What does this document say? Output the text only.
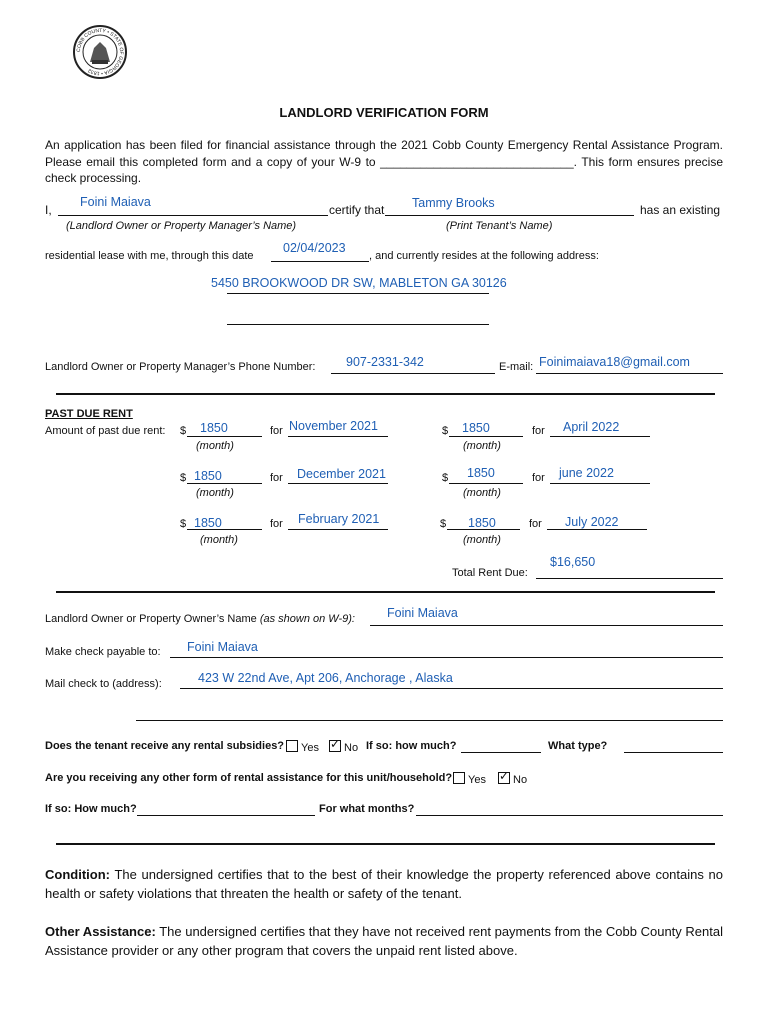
COBB COUNTY • STATE OF GEORGIA • 1832
LANDLORD VERIFICATION FORM
An application has been filed for financial assistance through the 2021 Cobb County Emergency Rental Assistance Program. Please email this completed form and a copy of your W-9 to _____________________________. This form ensures precise check processing.
I,
Foini Maiava
certify that Tammy Brooks	has an existing
(Landlord Owner or Property Manager’s Name)	(Print Tenant’s Name)
residential lease with me, through this date
02/04/2023
, and currently resides at the following address:
5450 BROOKWOOD DR SW, MABLETON GA 30126
Landlord Owner or Property Manager’s Phone Number: 907-2331-342	E-mail: Foinimaiava18@gmail.com
PAST DUE RENT
Amount of past due rent: $ 1850	for November 2021
(month)
$ 1850	for April 2022
(month)
$ 1850	for December 2021
(month)
$ 1850	for june 2022
(month)
$ 1850	for February 2021
(month)
$ 1850	for July 2022
(month)
Total Rent Due:
$16,650
Landlord Owner or Property Owner’s Name (as shown on W-9):	Foini Maiava
Make check payable to: Foini Maiava
Mail check to (address):	423 W 22nd Ave, Apt 206, Anchorage , Alaska
Does the tenant receive any rental subsidies?	Yes ✓	No If so: how much?	What type?
Are you receiving any other form of rental assistance for this unit/household?	Yes ✓	No
If so: How much?	For what months?
Condition: The undersigned certifies that to the best of their knowledge the property referenced above contains no health or safety violations that threaten the health or safety of the tenant.
Other Assistance: The undersigned certifies that they have not received rent payments from the Cobb County Rental Assistance provider or any other program that covers the unpaid rent listed above.
